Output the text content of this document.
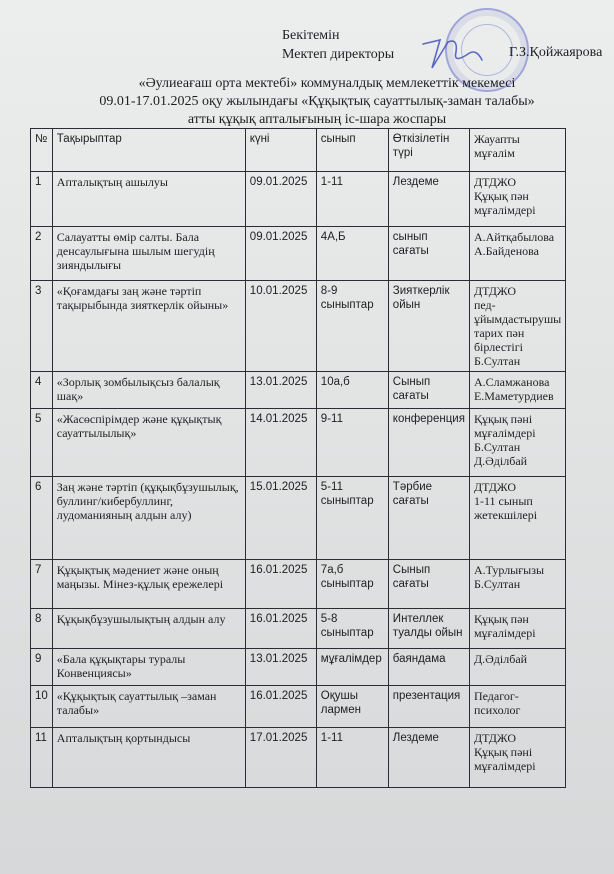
Бекітемін
Мектеп директоры	Г.З.Қойжаярова
«Әулиеағаш орта мектебі» коммуналдық мемлекеттік мекемесі
09.01-17.01.2025 оқу жылындағы «Құқықтық сауаттылық-заман талабы»
атты құқық апталығының іс-шара жоспары
№	Тақырыптар	күні	сынып	Өткізілетін түрі	Жауапты мұғалім
1	Апталықтың ашылуы	09.01.2025	1-11	Лездеме	ДТДЖО
Құқық пән
мұғалімдері
2	Салауатты өмір салты. Бала денсаулығына шылым шегудің зияндылығы	09.01.2025	4А,Б	сынып сағаты	А.Айтқабылова
А.Байденова
3	«Қоғамдағы заң және тәртіп тақырыбында зияткерлік ойыны»	10.01.2025	8-9 сыныптар	Зияткерлік ойын	ДТДЖО
пед-ұйымдастырушы
тарих пән бірлестігі
Б.Султан
4	«Зорлық зомбылықсыз балалық шақ»	13.01.2025	10а,б	Сынып сағаты	А.Сламжанова
Е.Маметурдиев
5	«Жасөспірімдер және құқықтық сауаттылылық»	14.01.2025	9-11	конференция	Құқық пәні мұғалімдері
Б.Султан
Д.Әділбай
6	Заң және тәртіп (құқықбұзушылық, буллинг/кибербуллинг, лудоманияның алдын алу)	15.01.2025	5-11 сыныптар	Тәрбие сағаты	ДТДЖО
1-11 сынып жетекшілері
7	Құқықтық мәдениет және оның маңызы. Мінез-құлық ережелері	16.01.2025	7а,б сыныптар	Сынып сағаты	А.Турлығызы
Б.Султан
8	Құқықбұзушылықтың алдын алу	16.01.2025	5-8 сыныптар	Интеллек туалды ойын	Құқық пән мұғалімдері
9	«Бала құқықтары туралы Конвенциясы»	13.01.2025	мұғалімдер	баяндама	Д.Әділбай
10	«Құқықтық сауаттылық –заман талабы»	16.01.2025	Оқушы лармен	презентация	Педагог-психолог
11	Апталықтың қортындысы	17.01.2025	1-11	Лездеме	ДТДЖО
Құқық пәні мұғалімдері
